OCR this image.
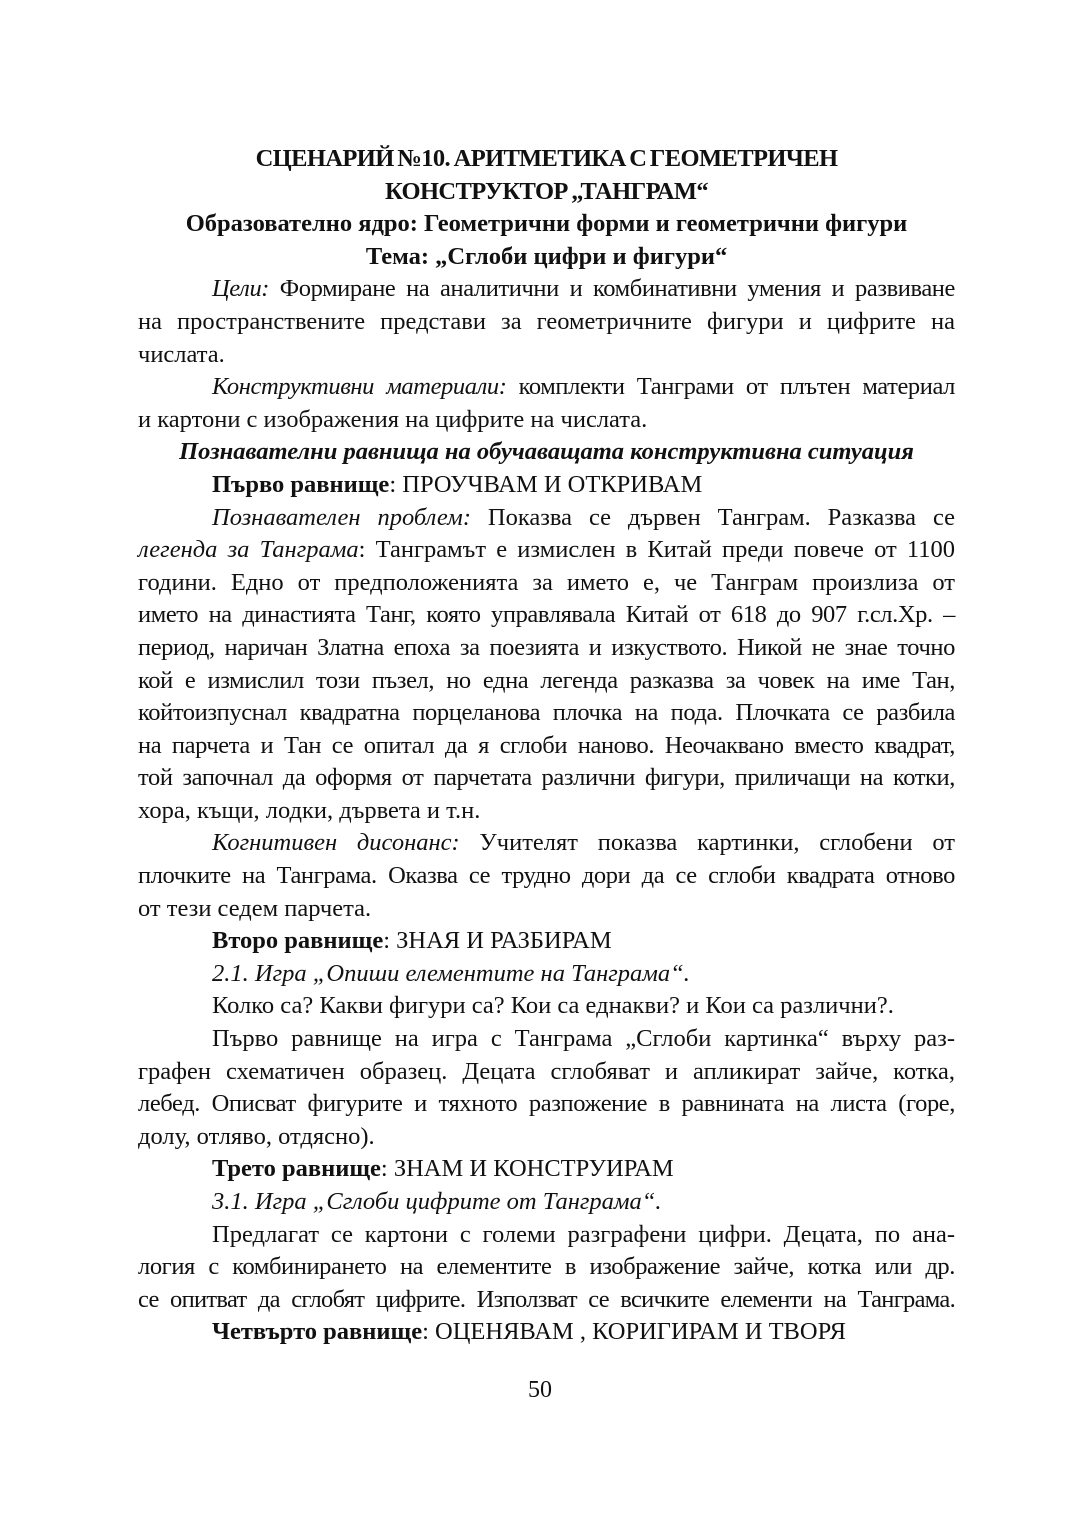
СЦЕНАРИЙ №10. АРИТМЕТИКА С ГЕОМЕТРИЧЕН
КОНСТРУКТОР „ТАНГРАМ“
Образователно ядро: Геометрични форми и геометрични фигури
Тема: „Сглоби цифри и фигури“
Цели: Формиране на аналитични и комбинативни умения и развиване
на пространствените представи за геометричните фигури и цифрите на
числата.
Конструктивни материали: комплекти Танграми от плътен материал
и картони с изображения на цифрите на числата.
Познавателни равнища на обучаващата конструктивна ситуация
Първо равнище: ПРОУЧВАМ И ОТКРИВАМ
Познавателен проблем: Показва се дървен Танграм. Разказва се
легенда за Танграма: Танграмът е измислен в Китай преди повече от 1100
години. Едно от предположенията за името е, че Танграм произлиза от
името на династията Танг, която управлявала Китай от 618 до 907 г.сл.Хр. –
период, наричан Златна епоха за поезията и изкуството. Никой не знае точно
кой е измислил този пъзел, но една легенда разказва за човек на име Тан,
койтоизпуснал квадратна порцеланова плочка на пода. Плочката се разбила
на парчета и Тан се опитал да я сглоби наново. Неочаквано вместо квадрат,
той започнал да оформя от парчетата различни фигури, приличащи на котки,
хора, къщи, лодки, дървета и т.н.
Когнитивен дисонанс: Учителят показва картинки, сглобени от
плочките на Танграма. Оказва се трудно дори да се сглоби квадрата отново
от тези седем парчета.
Второ равнище: ЗНАЯ И РАЗБИРАМ
2.1. Игра „Опиши елементите на Танграма“.
Колко са? Какви фигури са? Кои са еднакви? и Кои са различни?.
Първо равнище на игра с Танграма „Сглоби картинка“ върху раз-
графен схематичен образец. Децата сглобяват и апликират зайче, котка,
лебед. Описват фигурите и тяхното разпожение в равнината на листа (горе,
долу, отляво, отдясно).
Трето равнище: ЗНАМ И КОНСТРУИРАМ
3.1. Игра „Сглоби цифрите от Танграма“.
Предлагат се картони с големи разграфени цифри. Децата, по ана-
логия с комбинирането на елементите в изображение зайче, котка или др.
се опитват да сглобят цифрите. Използват се всичките елементи на Танграма.
Четвърто равнище: ОЦЕНЯВАМ , КОРИГИРАМ И ТВОРЯ
50
